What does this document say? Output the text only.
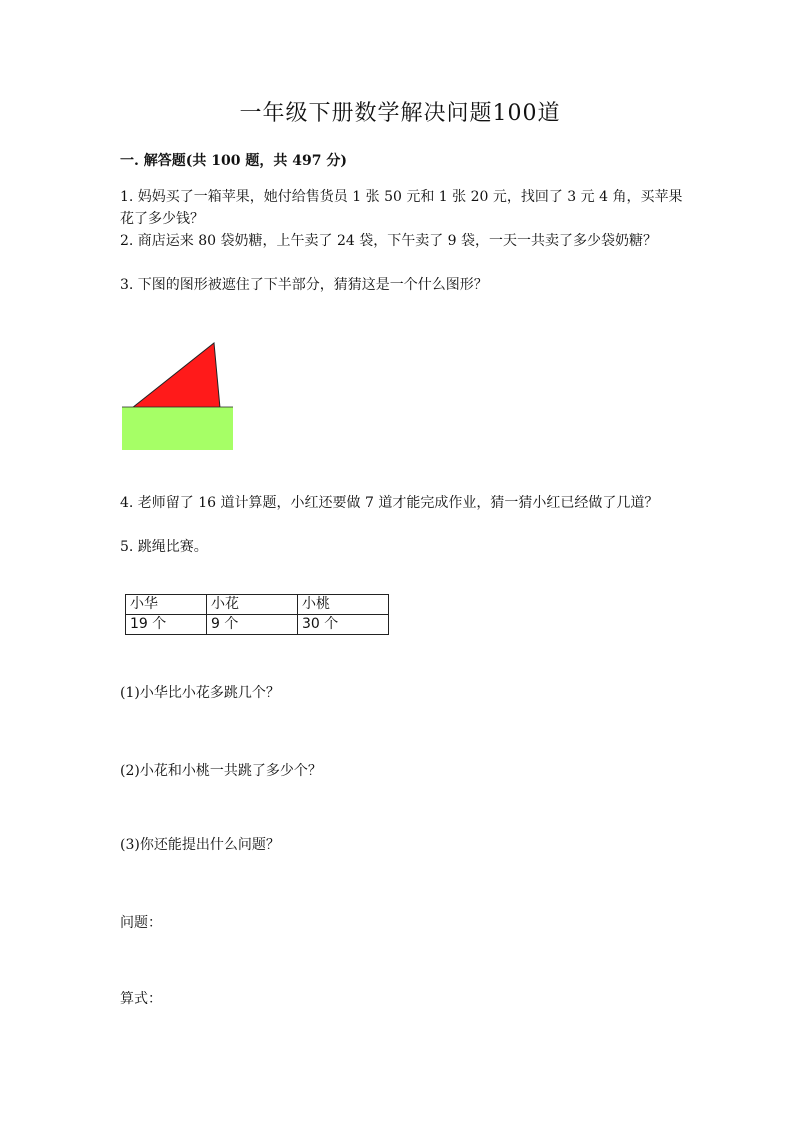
一年级下册数学解决问题100道
一. 解答题(共 100 题，共 497 分)
1. 妈妈买了一箱苹果，她付给售货员 1 张 50 元和 1 张 20 元，找回了 3 元 4 角，买苹果花了多少钱？
2. 商店运来 80 袋奶糖，上午卖了 24 袋，下午卖了 9 袋，一天一共卖了多少袋奶糖？
3. 下图的图形被遮住了下半部分，猜猜这是一个什么图形？
4. 老师留了 16 道计算题，小红还要做 7 道才能完成作业，猜一猜小红已经做了几道？
5. 跳绳比赛。
小华	小花	小桃
19 个	9 个	30 个
(1)小华比小花多跳几个？
(2)小花和小桃一共跳了多少个？
(3)你还能提出什么问题？
问题：
算式：
